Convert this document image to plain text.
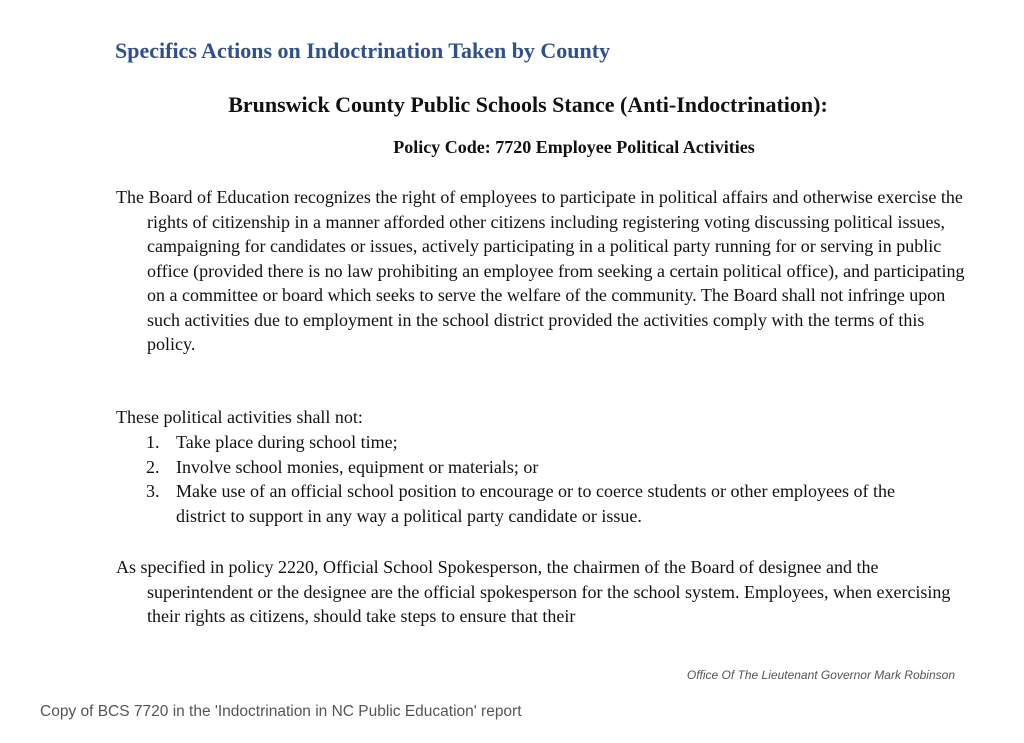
Specifics Actions on Indoctrination Taken by County
Brunswick County Public Schools Stance (Anti-Indoctrination):
Policy Code: 7720 Employee Political Activities

The Board of Education recognizes the right of employees to participate in political affairs and otherwise exercise the rights of citizenship in a manner afforded other citizens including registering voting discussing political issues, campaigning for candidates or issues, actively participating in a political party running for or serving in public office (provided there is no law prohibiting an employee from seeking a certain political office), and participating on a committee or board which seeks to serve the welfare of the community. The Board shall not infringe upon such activities due to employment in the school district provided the activities comply with the terms of this policy.

These political activities shall not:
1. Take place during school time;
2. Involve school monies, equipment or materials; or
3. Make use of an official school position to encourage or to coerce students or other employees of the district to support in any way a political party candidate or issue.

As specified in policy 2220, Official School Spokesperson, the chairmen of the Board of designee and the superintendent or the designee are the official spokesperson for the school system. Employees, when exercising their rights as citizens, should take steps to ensure that their

Office Of The Lieutenant Governor Mark Robinson
Copy of BCS 7720 in the 'Indoctrination in NC Public Education' report
